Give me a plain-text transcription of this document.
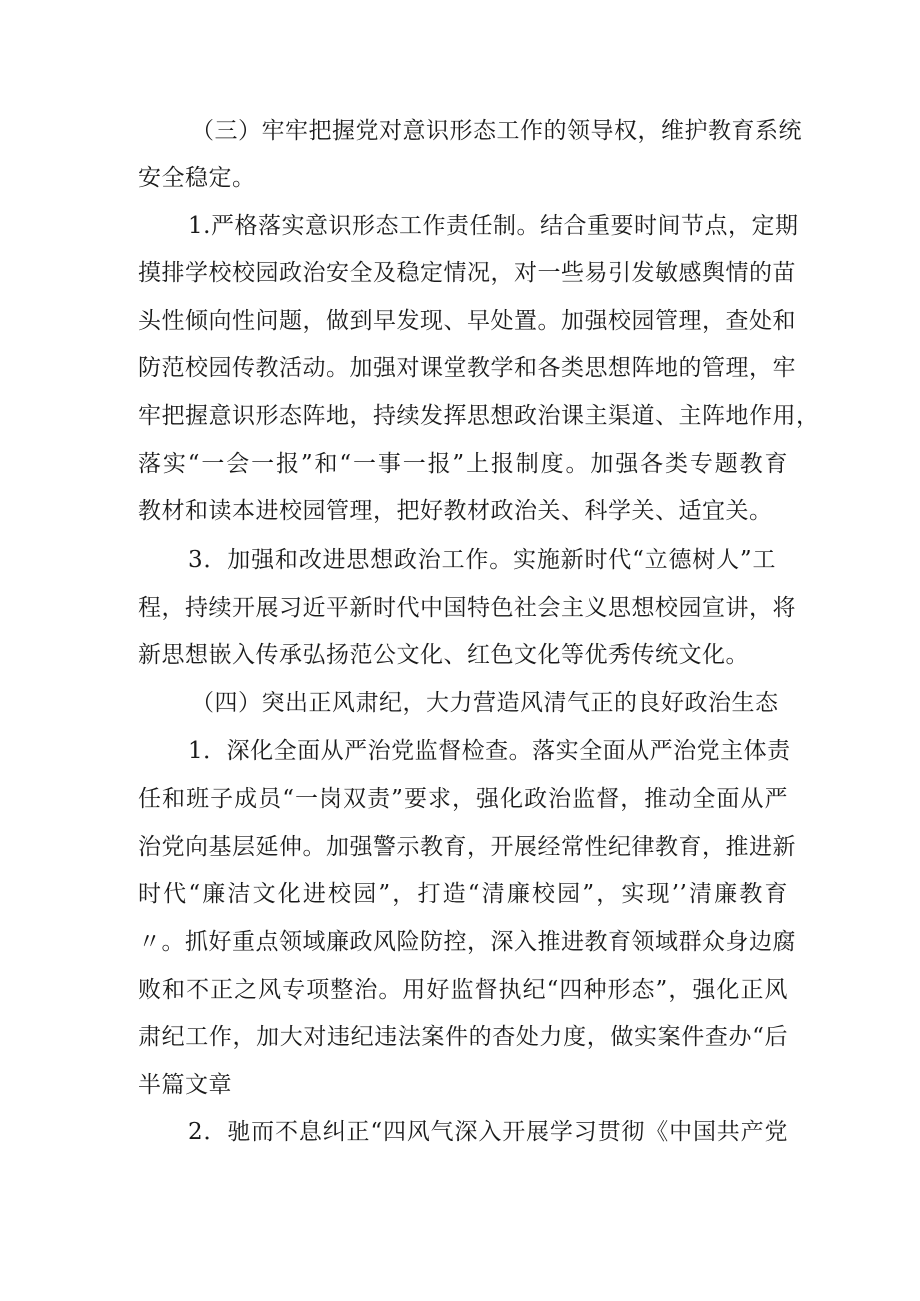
（三）牢牢把握党对意识形态工作的领导权，维护教育系统
安全稳定。
1.严格落实意识形态工作责任制。结合重要时间节点，定期
摸排学校校园政治安全及稳定情况，对一些易引发敏感舆情的苗
头性倾向性问题，做到早发现、早处置。加强校园管理，查处和
防范校园传教活动。加强对课堂教学和各类思想阵地的管理，牢
牢把握意识形态阵地，持续发挥思想政治课主渠道、主阵地作用，
落实“一会一报”和“一事一报”上报制度。加强各类专题教育
教材和读本进校园管理，把好教材政治关、科学关、适宜关。
3．加强和改进思想政治工作。实施新时代“立德树人”工
程，持续开展习近平新时代中国特色社会主义思想校园宣讲，将
新思想嵌入传承弘扬范公文化、红色文化等优秀传统文化。
（四）突出正风肃纪，大力营造风清气正的良好政治生态
1．深化全面从严治党监督检查。落实全面从严治党主体责
任和班子成员“一岗双责”要求，强化政治监督，推动全面从严
治党向基层延伸。加强警示教育，开展经常性纪律教育，推进新
时代“廉洁文化进校园”，打造“清廉校园”，实现’’清廉教育
〃。抓好重点领域廉政风险防控，深入推进教育领域群众身边腐
败和不正之风专项整治。用好监督执纪“四种形态”，强化正风
肃纪工作，加大对违纪违法案件的杳处力度，做实案件查办“后
半篇文章
2．驰而不息纠正“四风气深入开展学习贯彻《中国共产党
